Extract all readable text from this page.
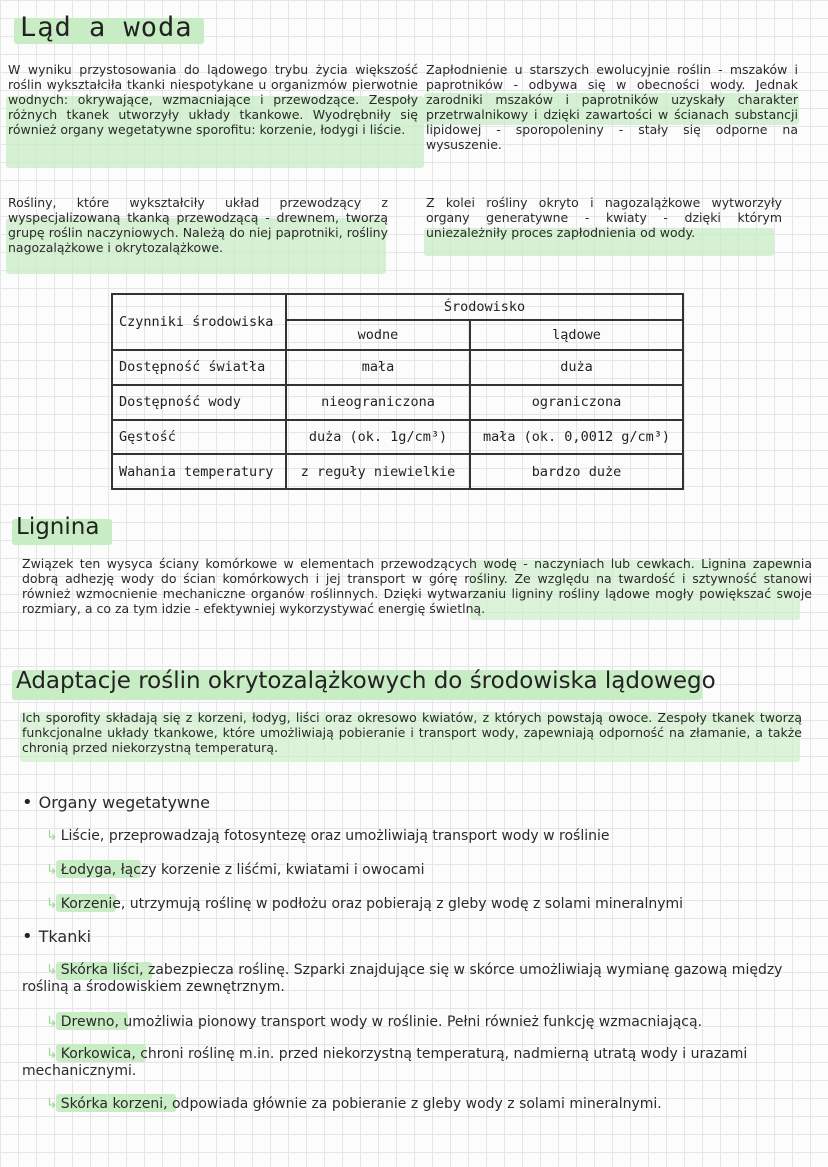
Ląd a woda
W wyniku przystosowania do lądowego trybu życia większość roślin wykształciła tkanki niespotykane u organizmów pierwotnie wodnych: okrywające, wzmacniające i przewodzące. Zespoły różnych tkanek utworzyły układy tkankowe. Wyodrębniły się również organy wegetatywne sporofitu: korzenie, łodygi i liście.
Rośliny, które wykształciły układ przewodzący z wyspecjalizowaną tkanką przewodzącą - drewnem, tworzą grupę roślin naczyniowych. Należą do niej paprotniki, rośliny nagozalążkowe i okrytozalążkowe.
Zapłodnienie u starszych ewolucyjnie roślin - mszaków i paprotników - odbywa się w obecności wody. Jednak zarodniki mszaków i paprotników uzyskały charakter przetrwalnikowy i dzięki zawartości w ścianach substancji lipidowej - sporopoleniny - stały się odporne na wysuszenie.
Z kolei rośliny okryto i nagozalążkowe wytworzyły organy generatywne - kwiaty - dzięki którym uniezależniły proces zapłodnienia od wody.
Czynniki środowiska	Środowisko	
	wodne	lądowe
Dostępność światła	mała	duża
Dostępność wody	nieograniczona	ograniczona
Gęstość	duża (ok. 1g/cm³)	mała (ok. 0,0012 g/cm³)
Wahania temperatury	z reguły niewielkie	bardzo duże
Lignina
Związek ten wysyca ściany komórkowe w elementach przewodzących wodę - naczyniach lub cewkach. Lignina zapewnia dobrą adhezję wody do ścian komórkowych i jej transport w górę rośliny. Ze względu na twardość i sztywność stanowi również wzmocnienie mechaniczne organów roślinnych. Dzięki wytwarzaniu ligniny rośliny lądowe mogły powiększać swoje rozmiary, a co za tym idzie - efektywniej wykorzystywać energię świetlną.
Adaptacje roślin okrytozalążkowych do środowiska lądowego
Ich sporofity składają się z korzeni, łodyg, liści oraz okresowo kwiatów, z których powstają owoce. Zespoły tkanek tworzą funkcjonalne układy tkankowe, które umożliwiają pobieranie i transport wody, zapewniają odporność na złamanie, a także chronią przed niekorzystną temperaturą.
• Organy wegetatywne
↳ Liście, przeprowadzają fotosyntezę oraz umożliwiają transport wody w roślinie
↳ Łodyga, łączy korzenie z liśćmi, kwiatami i owocami
↳ Korzenie, utrzymują roślinę w podłożu oraz pobierają z gleby wodę z solami mineralnymi
• Tkanki
↳ Skórka liści, zabezpiecza roślinę. Szparki znajdujące się w skórce umożliwiają wymianę gazową między rośliną a środowiskiem zewnętrznym.
↳ Drewno, umożliwia pionowy transport wody w roślinie. Pełni również funkcję wzmacniającą.
↳ Korkowica, chroni roślinę m.in. przed niekorzystną temperaturą, nadmierną utratą wody i urazami mechanicznymi.
↳ Skórka korzeni, odpowiada głównie za pobieranie z gleby wody z solami mineralnymi.
